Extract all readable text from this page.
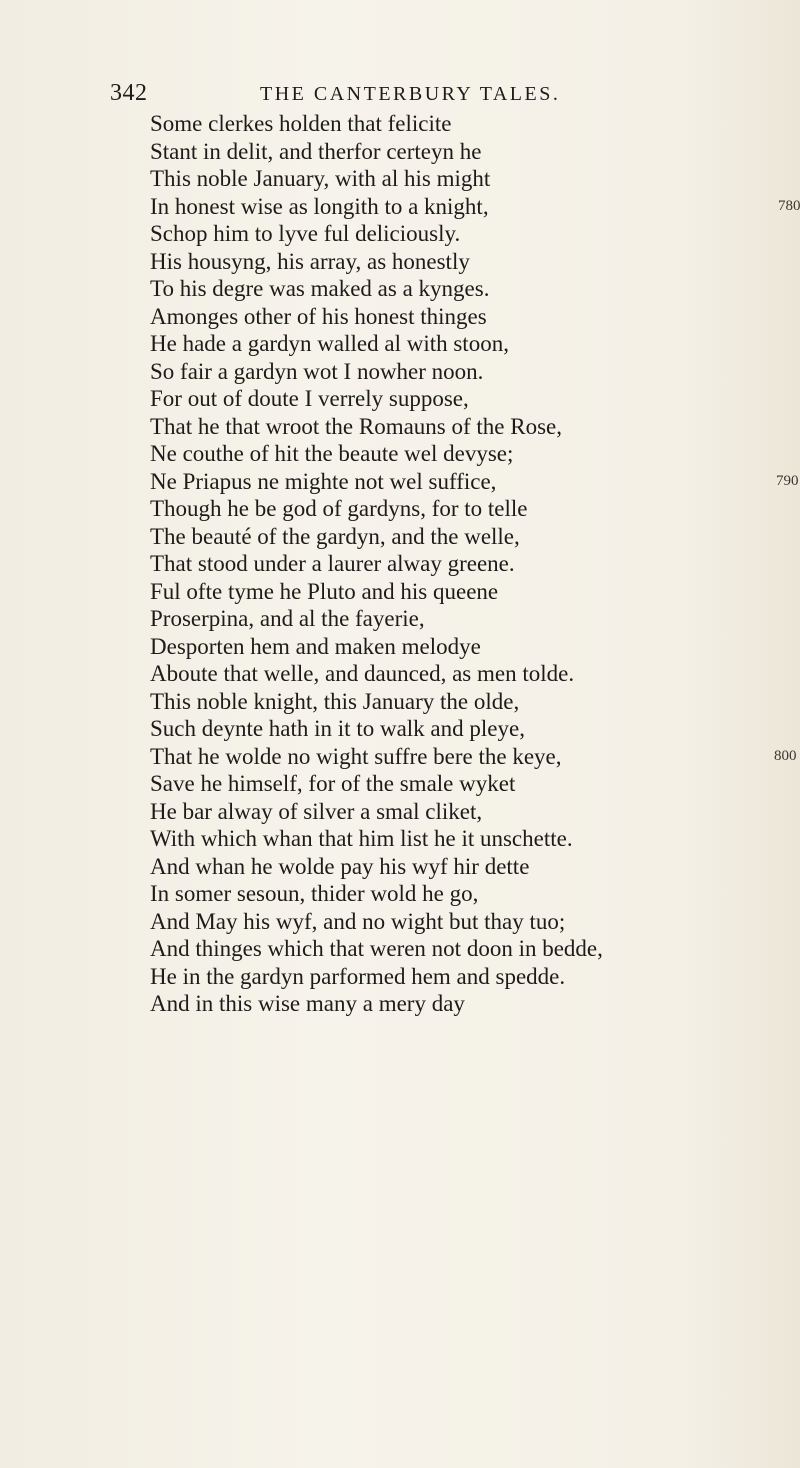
342	THE CANTERBURY TALES.
Some clerkes holden that felicite
Stant in delit, and therfor certeyn he
This noble January, with al his might
In honest wise as longith to a knight,	780
Schop him to lyve ful deliciously.
His housyng, his array, as honestly
To his degre was maked as a kynges.
Amonges other of his honest thinges
He hade a gardyn walled al with stoon,
So fair a gardyn wot I nowher noon.
For out of doute I verrely suppose,
That he that wroot the Romauns of the Rose,
Ne couthe of hit the beaute wel devyse;
Ne Priapus ne mighte not wel suffice,	790
Though he be god of gardyns, for to telle
The beauté of the gardyn, and the welle,
That stood under a laurer alway greene.
Ful ofte tyme he Pluto and his queene
Proserpina, and al the fayerie,
Desporten hem and maken melodye
Aboute that welle, and daunced, as men tolde.
This noble knight, this January the olde,
Such deynte hath in it to walk and pleye,
That he wolde no wight suffre bere the keye,	800
Save he himself, for of the smale wyket
He bar alway of silver a smal cliket,
With which whan that him list he it unschette.
And whan he wolde pay his wyf hir dette
In somer sesoun, thider wold he go,
And May his wyf, and no wight but thay tuo;
And thinges which that weren not doon in bedde,
He in the gardyn parformed hem and spedde.
And in this wise many a mery day
